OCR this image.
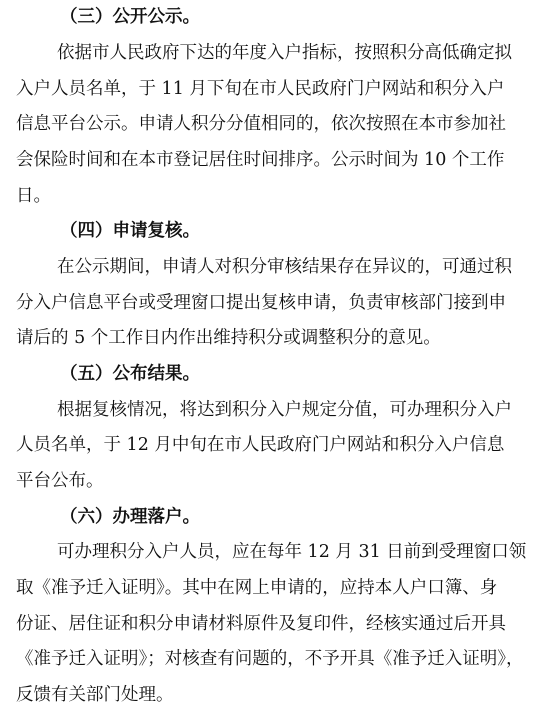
（三）公开公示。
依据市人民政府下达的年度入户指标，按照积分高低确定拟
入户人员名单，于 11 月下旬在市人民政府门户网站和积分入户
信息平台公示。申请人积分分值相同的，依次按照在本市参加社
会保险时间和在本市登记居住时间排序。公示时间为 10 个工作
日。
（四）申请复核。
在公示期间，申请人对积分审核结果存在异议的，可通过积
分入户信息平台或受理窗口提出复核申请，负责审核部门接到申
请后的 5 个工作日内作出维持积分或调整积分的意见。
（五）公布结果。
根据复核情况，将达到积分入户规定分值，可办理积分入户
人员名单，于 12 月中旬在市人民政府门户网站和积分入户信息
平台公布。
（六）办理落户。
可办理积分入户人员，应在每年 12 月 31 日前到受理窗口领
取《准予迁入证明》。其中在网上申请的，应持本人户口簿、身
份证、居住证和积分申请材料原件及复印件，经核实通过后开具
《准予迁入证明》；对核查有问题的，不予开具《准予迁入证明》，
反馈有关部门处理。
